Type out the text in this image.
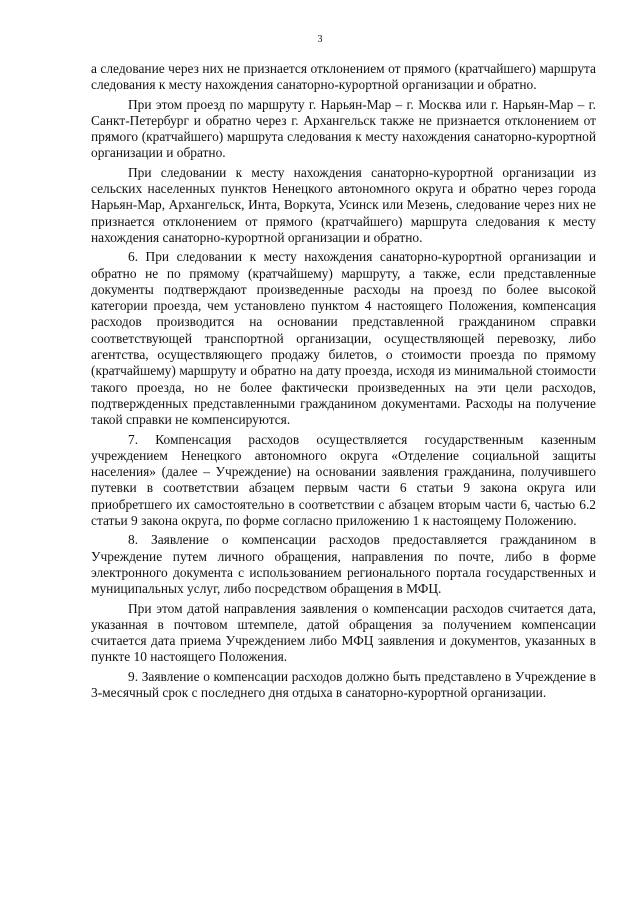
3

а следование через них не признается отклонением от прямого (кратчайшего) маршрута следования к месту нахождения санаторно-курортной организации и обратно.

При этом проезд по маршруту г. Нарьян-Мар – г. Москва или г. Нарьян-Мар – г. Санкт-Петербург и обратно через г. Архангельск также не признается отклонением от прямого (кратчайшего) маршрута следования к месту нахождения санаторно-курортной организации и обратно.

При следовании к месту нахождения санаторно-курортной организации из сельских населенных пунктов Ненецкого автономного округа и обратно через города Нарьян-Мар, Архангельск, Инта, Воркута, Усинск или Мезень, следование через них не признается отклонением от прямого (кратчайшего) маршрута следования к месту нахождения санаторно-курортной организации и обратно.

6. При следовании к месту нахождения санаторно-курортной организации и обратно не по прямому (кратчайшему) маршруту, а также, если представленные документы подтверждают произведенные расходы на проезд по более высокой категории проезда, чем установлено пунктом 4 настоящего Положения, компенсация расходов производится на основании представленной гражданином справки соответствующей транспортной организации, осуществляющей перевозку, либо агентства, осуществляющего продажу билетов, о стоимости проезда по прямому (кратчайшему) маршруту и обратно на дату проезда, исходя из минимальной стоимости такого проезда, но не более фактически произведенных на эти цели расходов, подтвержденных представленными гражданином документами. Расходы на получение такой справки не компенсируются.

7. Компенсация расходов осуществляется государственным казенным учреждением Ненецкого автономного округа «Отделение социальной защиты населения» (далее – Учреждение) на основании заявления гражданина, получившего путевки в соответствии абзацем первым части 6 статьи 9 закона округа или приобретшего их самостоятельно в соответствии с абзацем вторым части 6, частью 6.2 статьи 9 закона округа, по форме согласно приложению 1 к настоящему Положению.

8. Заявление о компенсации расходов предоставляется гражданином в Учреждение путем личного обращения, направления по почте, либо в форме электронного документа с использованием регионального портала государственных и муниципальных услуг, либо посредством обращения в МФЦ.

При этом датой направления заявления о компенсации расходов считается дата, указанная в почтовом штемпеле, датой обращения за получением компенсации считается дата приема Учреждением либо МФЦ заявления и документов, указанных в пункте 10 настоящего Положения.

9. Заявление о компенсации расходов должно быть представлено в Учреждение в 3-месячный срок с последнего дня отдыха в санаторно-курортной организации.
